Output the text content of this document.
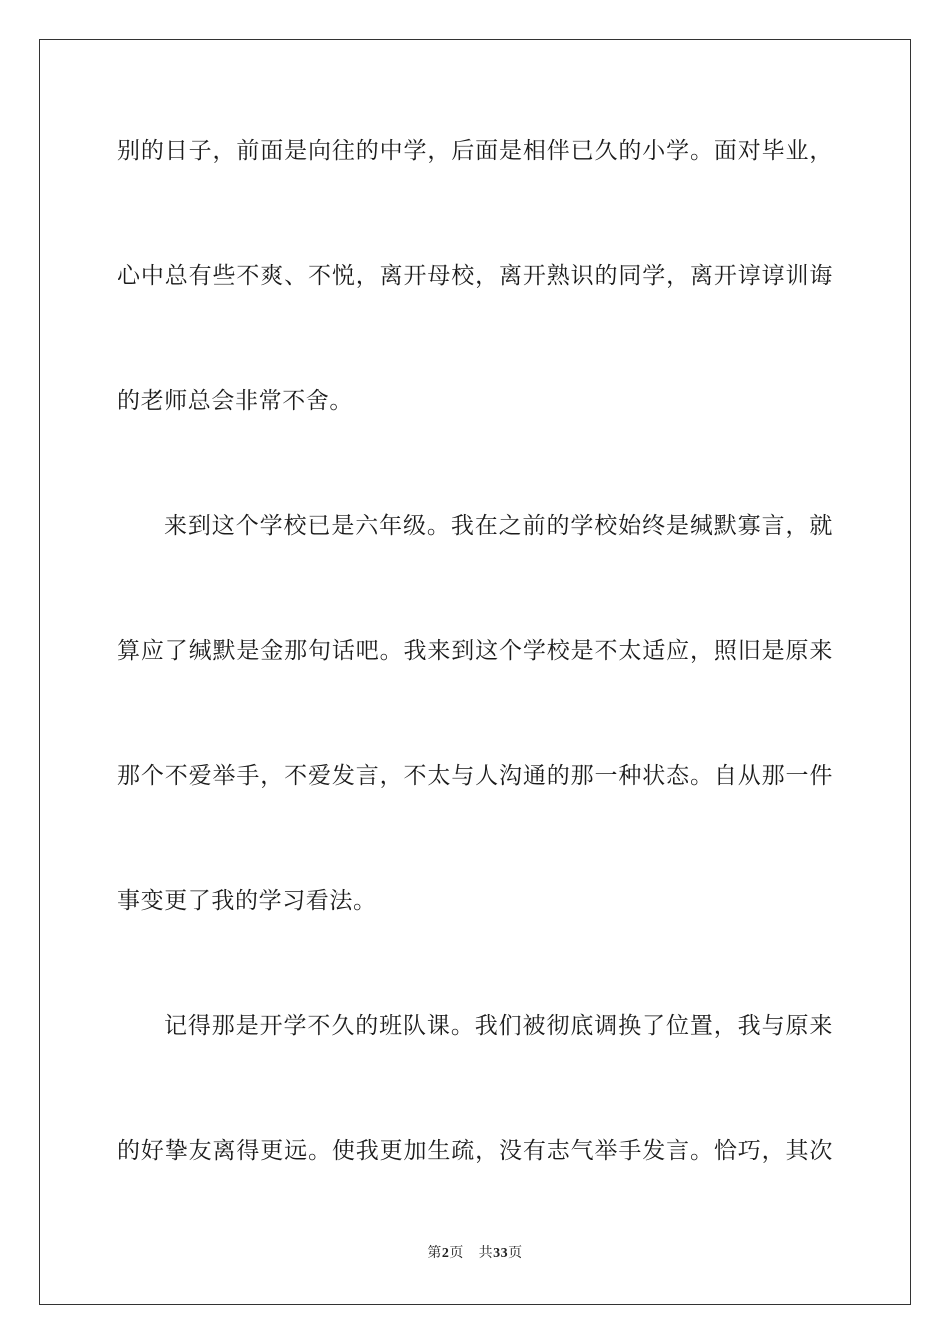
别的日子，前面是向往的中学，后面是相伴已久的小学。面对毕业，
心中总有些不爽、不悦，离开母校，离开熟识的同学，离开谆谆训诲
的老师总会非常不舍。
来到这个学校已是六年级。我在之前的学校始终是缄默寡言，就
算应了缄默是金那句话吧。我来到这个学校是不太适应，照旧是原来
那个不爱举手，不爱发言，不太与人沟通的那一种状态。自从那一件
事变更了我的学习看法。
记得那是开学不久的班队课。我们被彻底调换了位置，我与原来
的好挚友离得更远。使我更加生疏，没有志气举手发言。恰巧，其次
第2页 共33页
